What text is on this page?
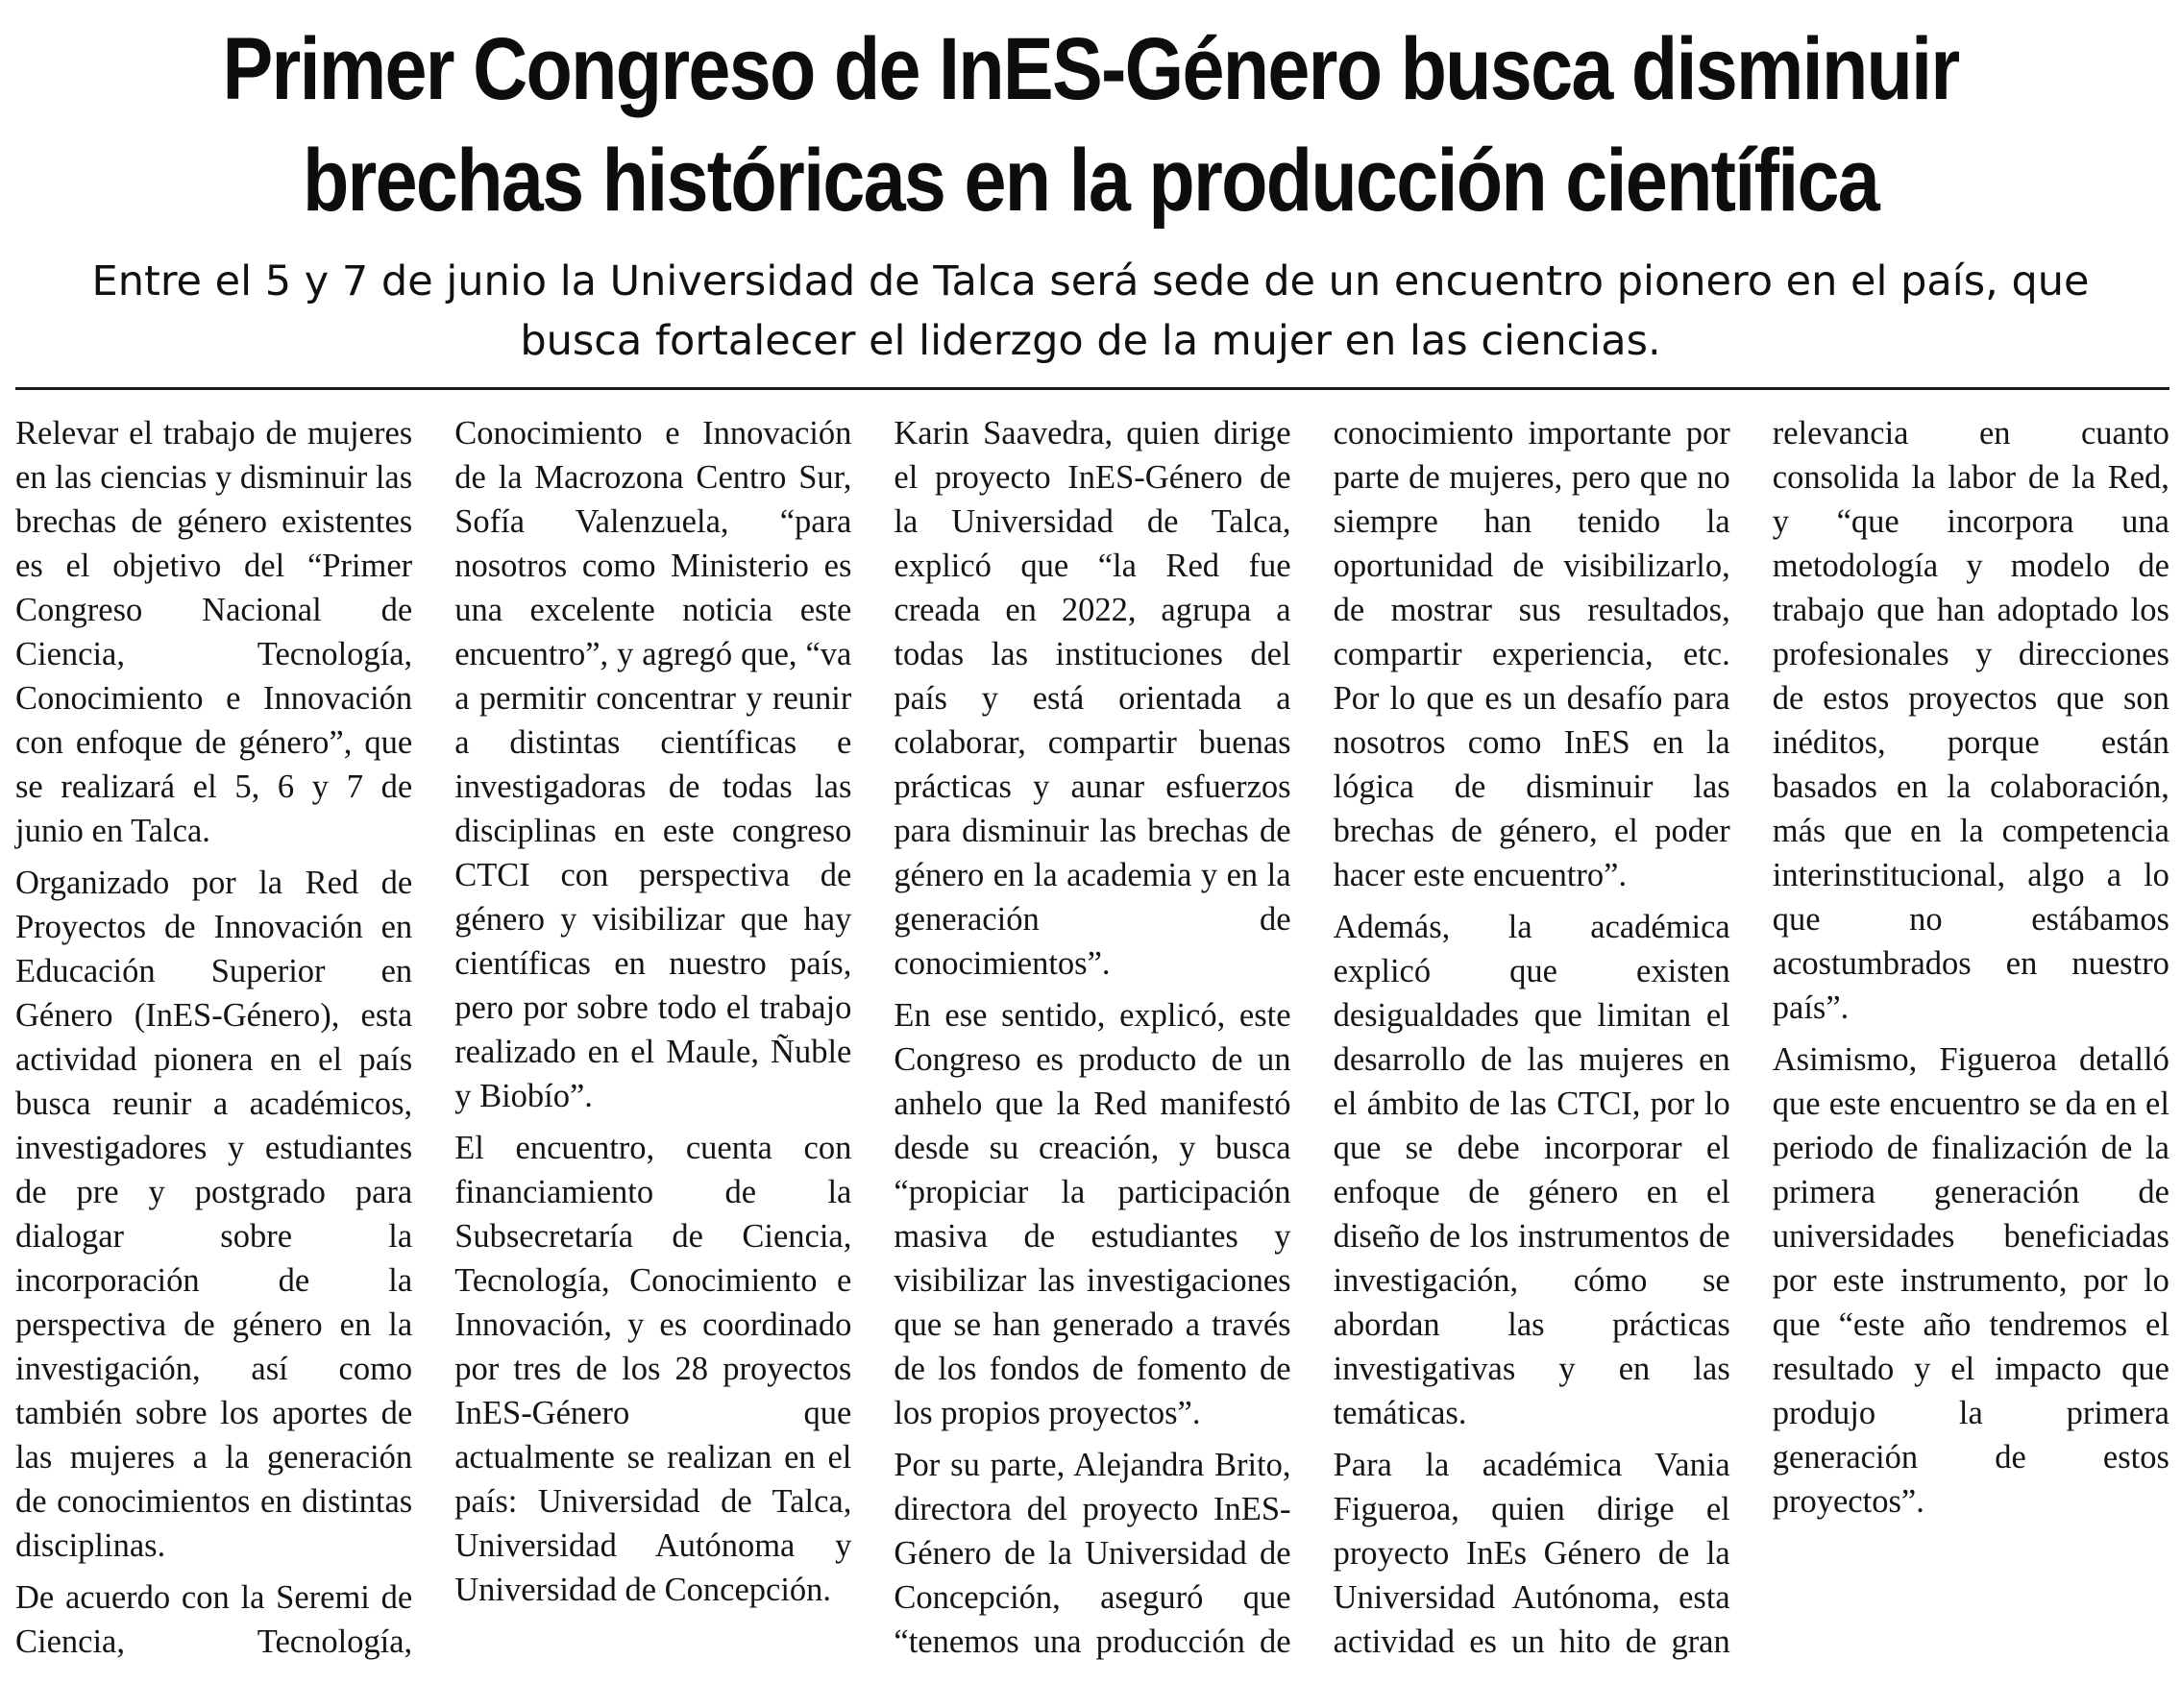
Primer Congreso de InES-Género busca disminuir brechas históricas en la producción científica
Entre el 5 y 7 de junio la Universidad de Talca será sede de un encuentro pionero en el país, que busca fortalecer el liderzgo de la mujer en las ciencias.

Relevar el trabajo de mujeres en las ciencias y disminuir las brechas de género existentes es el objetivo del “Primer Congreso Nacional de Ciencia, Tecnología, Conocimiento e Innovación con enfoque de género”, que se realizará el 5, 6 y 7 de junio en Talca.

Organizado por la Red de Proyectos de Innovación en Educación Superior en Género (InES-Género), esta actividad pionera en el país busca reunir a académicos, investigadores y estudiantes de pre y postgrado para dialogar sobre la incorporación de la perspectiva de género en la investigación, así como también sobre los aportes de las mujeres a la generación de conocimientos en distintas disciplinas.

De acuerdo con la Seremi de Ciencia, Tecnología, Conocimiento e Innovación de la Macrozona Centro Sur, Sofía Valenzuela, “para nosotros como Ministerio es una excelente noticia este encuentro”, y agregó que, “va a permitir concentrar y reunir a distintas científicas e investigadoras de todas las disciplinas en este congreso CTCI con perspectiva de género y visibilizar que hay científicas en nuestro país, pero por sobre todo el trabajo realizado en el Maule, Ñuble y Biobío”.

El encuentro, cuenta con financiamiento de la Subsecretaría de Ciencia, Tecnología, Conocimiento e Innovación, y es coordinado por tres de los 28 proyectos InES-Género que actualmente se realizan en el país: Universidad de Talca, Universidad Autónoma y Universidad de Concepción.

Karin Saavedra, quien dirige el proyecto InES-Género de la Universidad de Talca, explicó que “la Red fue creada en 2022, agrupa a todas las instituciones del país y está orientada a colaborar, compartir buenas prácticas y aunar esfuerzos para disminuir las brechas de género en la academia y en la generación de conocimientos”.

En ese sentido, explicó, este Congreso es producto de un anhelo que la Red manifestó desde su creación, y busca “propiciar la participación masiva de estudiantes y visibilizar las investigaciones que se han generado a través de los fondos de fomento de los propios proyectos”.

Por su parte, Alejandra Brito, directora del proyecto InES-Género de la Universidad de Concepción, aseguró que “tenemos una producción de conocimiento importante por parte de mujeres, pero que no siempre han tenido la oportunidad de visibilizarlo, de mostrar sus resultados, compartir experiencia, etc. Por lo que es un desafío para nosotros como InES en la lógica de disminuir las brechas de género, el poder hacer este encuentro”.

Además, la académica explicó que existen desigualdades que limitan el desarrollo de las mujeres en el ámbito de las CTCI, por lo que se debe incorporar el enfoque de género en el diseño de los instrumentos de investigación, cómo se abordan las prácticas investigativas y en las temáticas.

Para la académica Vania Figueroa, quien dirige el proyecto InEs Género de la Universidad Autónoma, esta actividad es un hito de gran relevancia en cuanto consolida la labor de la Red, y “que incorpora una metodología y modelo de trabajo que han adoptado los profesionales y direcciones de estos proyectos que son inéditos, porque están basados en la colaboración, más que en la competencia interinstitucional, algo a lo que no estábamos acostumbrados en nuestro país”.

Asimismo, Figueroa detalló que este encuentro se da en el periodo de finalización de la primera generación de universidades beneficiadas por este instrumento, por lo que “este año tendremos el resultado y el impacto que produjo la primera generación de estos proyectos”.
